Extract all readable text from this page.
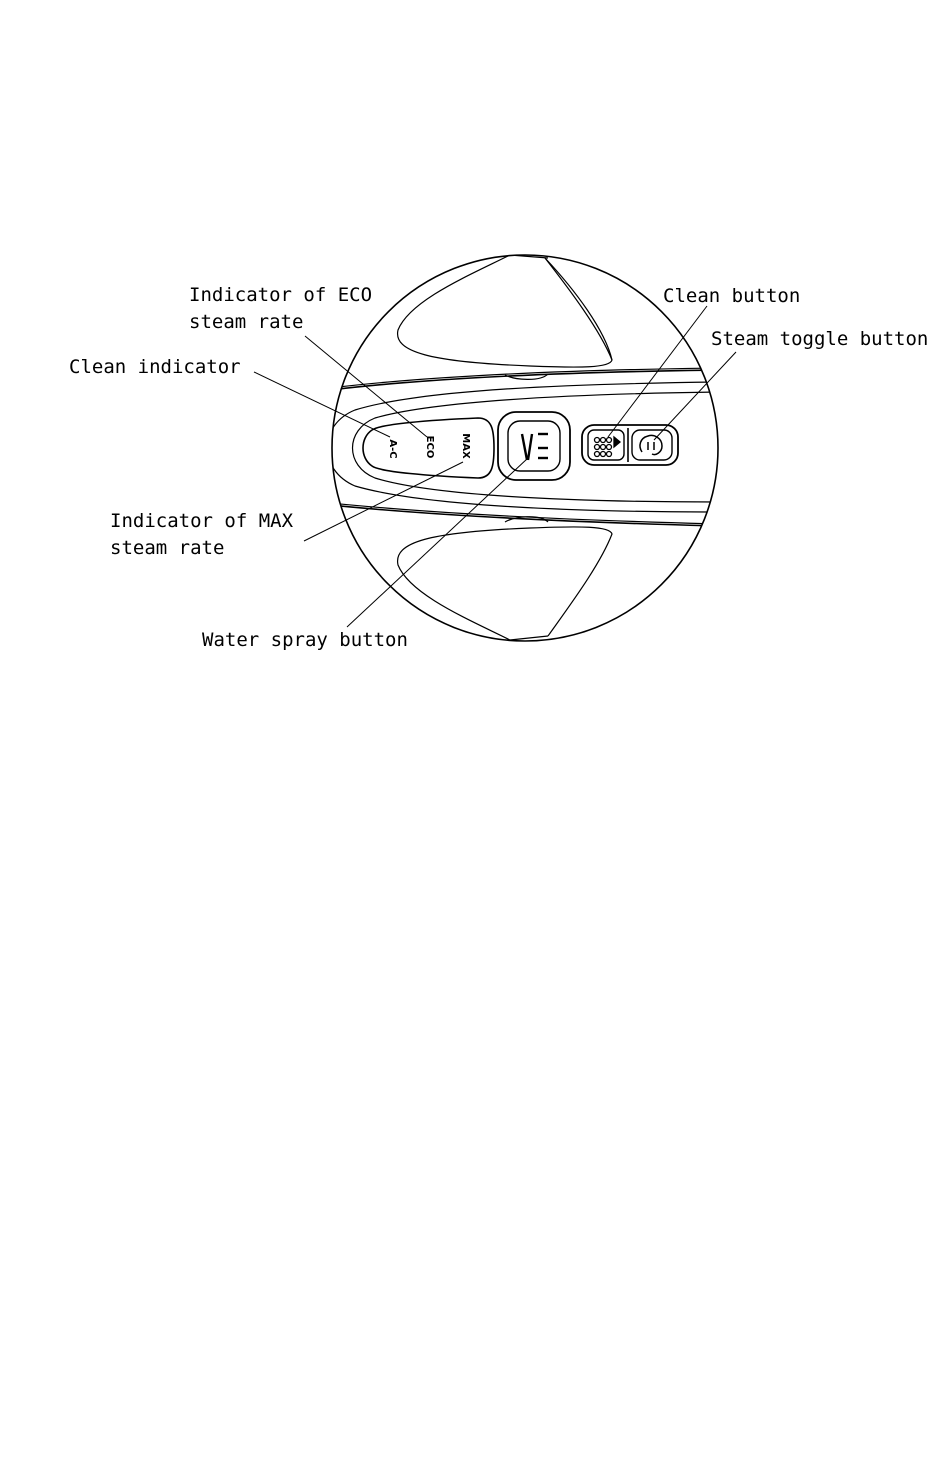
A-C	ECO	MAX
Indicator of ECO
steam rate
Clean button
Steam toggle button
Clean indicator
Indicator of MAX
steam rate
Water spray button
